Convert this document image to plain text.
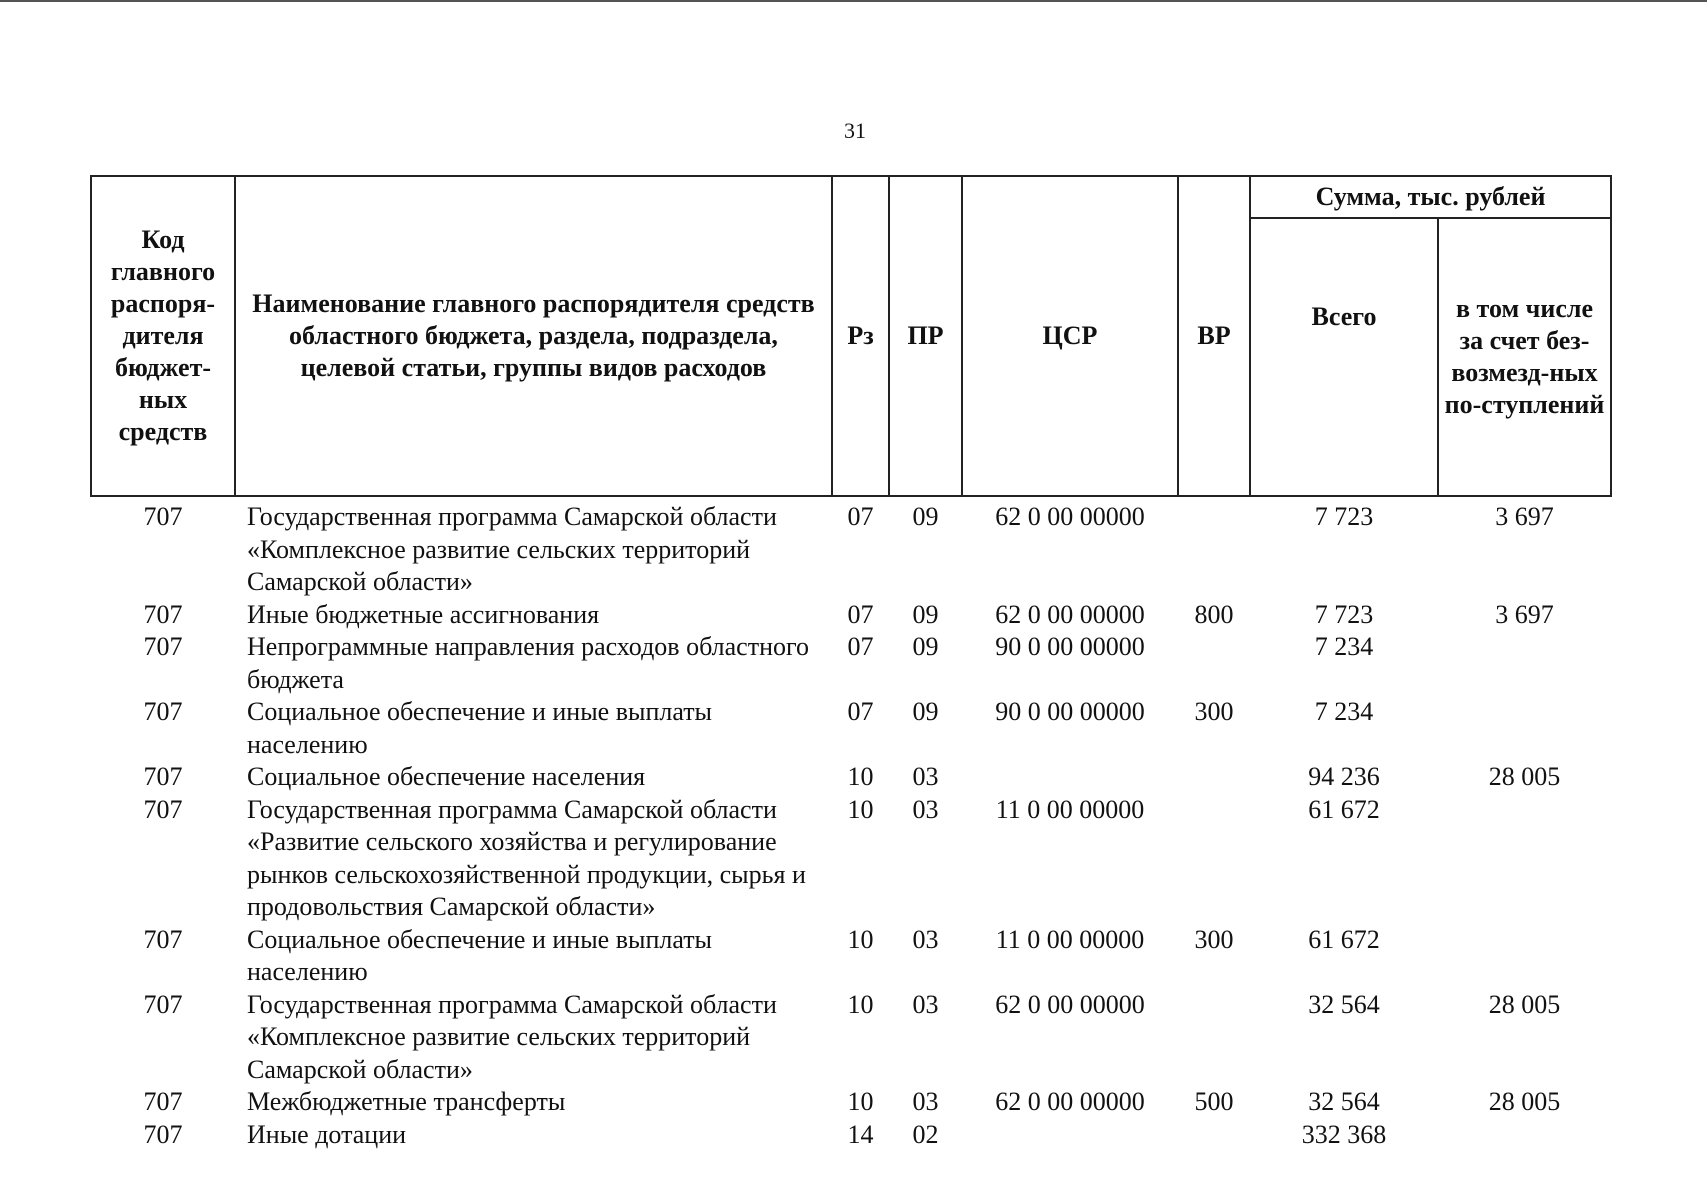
31
Код главного распоря-дителя бюджет-ных средств	Наименование главного распорядителя средств областного бюджета, раздела, подраздела, целевой статьи, группы видов расходов	Рз	ПР	ЦСР	ВР	Сумма, тыс. рублей	
						Всего	в том числе за счет без-возмезд-ных по-ступлений
707	Государственная программа Самарской области «Комплексное развитие сельских территорий Самарской области»	07	09	62 0 00 00000		7 723	3 697
707	Иные бюджетные ассигнования	07	09	62 0 00 00000	800	7 723	3 697
707	Непрограммные направления расходов областного бюджета	07	09	90 0 00 00000		7 234	
707	Социальное обеспечение и иные выплаты населению	07	09	90 0 00 00000	300	7 234	
707	Социальное обеспечение населения	10	03			94 236	28 005
707	Государственная программа Самарской области «Развитие сельского хозяйства и регулирование рынков сельскохозяйственной продукции, сырья и продовольствия Самарской области»	10	03	11 0 00 00000		61 672	
707	Социальное обеспечение и иные выплаты населению	10	03	11 0 00 00000	300	61 672	
707	Государственная программа Самарской области «Комплексное развитие сельских территорий Самарской области»	10	03	62 0 00 00000		32 564	28 005
707	Межбюджетные трансферты	10	03	62 0 00 00000	500	32 564	28 005
707	Иные дотации	14	02			332 368	
